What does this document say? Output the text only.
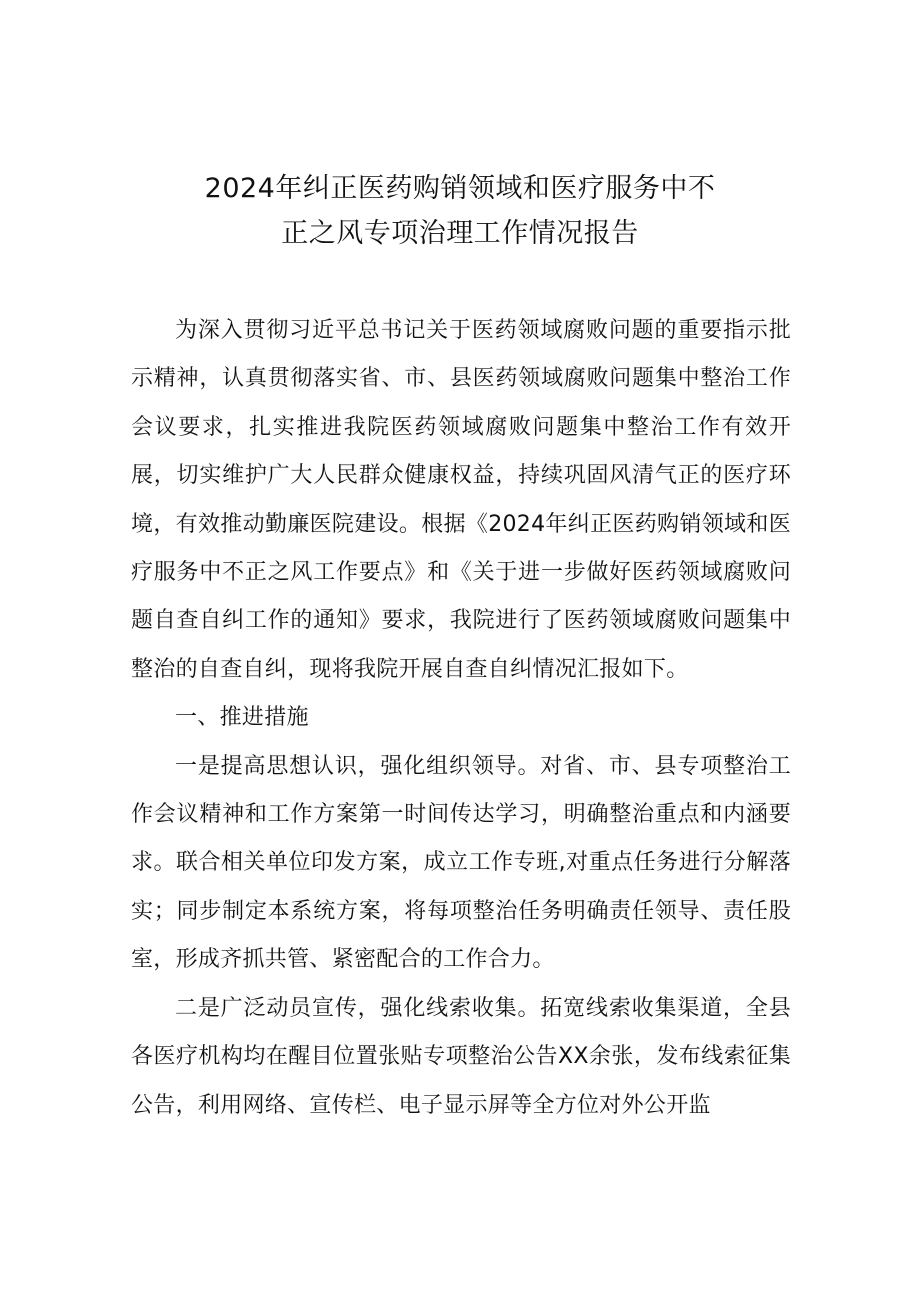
2024年纠正医药购销领域和医疗服务中不
正之风专项治理工作情况报告

为深入贯彻习近平总书记关于医药领域腐败问题的重要指示批示精神，认真贯彻落实省、市、县医药领域腐败问题集中整治工作会议要求，扎实推进我院医药领域腐败问题集中整治工作有效开展，切实维护广大人民群众健康权益，持续巩固风清气正的医疗环境，有效推动勤廉医院建设。根据《2024年纠正医药购销领域和医疗服务中不正之风工作要点》和《关于进一步做好医药领域腐败问题自查自纠工作的通知》要求，我院进行了医药领域腐败问题集中整治的自查自纠，现将我院开展自查自纠情况汇报如下。

一、推进措施

一是提高思想认识，强化组织领导。对省、市、县专项整治工作会议精神和工作方案第一时间传达学习，明确整治重点和内涵要求。联合相关单位印发方案，成立工作专班,对重点任务进行分解落实；同步制定本系统方案，将每项整治任务明确责任领导、责任股室，形成齐抓共管、紧密配合的工作合力。

二是广泛动员宣传，强化线索收集。拓宽线索收集渠道，全县各医疗机构均在醒目位置张贴专项整治公告XX余张，发布线索征集公告，利用网络、宣传栏、电子显示屏等全方位对外公开监
